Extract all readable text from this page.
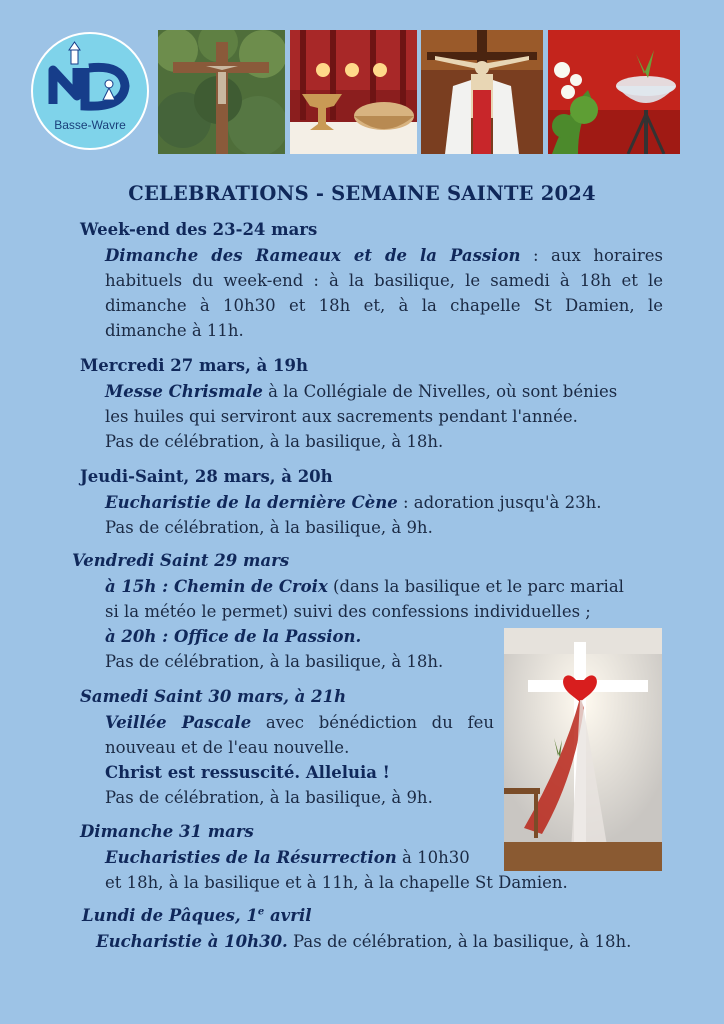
Basse-Wavre
CELEBRATIONS - SEMAINE SAINTE 2024
Week-end des 23-24 mars
Dimanche des Rameaux et de la Passion : aux horaires
habituels du week-end : à la basilique, le samedi à 18h et le
dimanche à 10h30 et 18h et, à la chapelle St Damien, le
dimanche à 11h.
Mercredi 27 mars, à 19h
Messe Chrismale à la Collégiale de Nivelles, où sont bénies
les huiles qui serviront aux sacrements pendant l'année.
Pas de célébration, à la basilique, à 18h.
Jeudi-Saint, 28 mars, à 20h
Eucharistie de la dernière Cène : adoration jusqu'à 23h.
Pas de célébration, à la basilique, à 9h.
Vendredi Saint 29 mars
à 15h : Chemin de Croix (dans la basilique et le parc marial
si la météo le permet) suivi des confessions individuelles ;
à 20h : Office de la Passion.
Pas de célébration, à la basilique, à 18h.
Samedi Saint 30 mars, à 21h
Veillée Pascale avec bénédiction du feu
nouveau et de l'eau nouvelle.
Christ est ressuscité. Alleluia !
Pas de célébration, à la basilique, à 9h.
Dimanche 31 mars
Eucharisties de la Résurrection à 10h30
et 18h, à la basilique et à 11h, à la chapelle St Damien.
Lundi de Pâques, 1e avril
Eucharistie à 10h30. Pas de célébration, à la basilique, à 18h.
